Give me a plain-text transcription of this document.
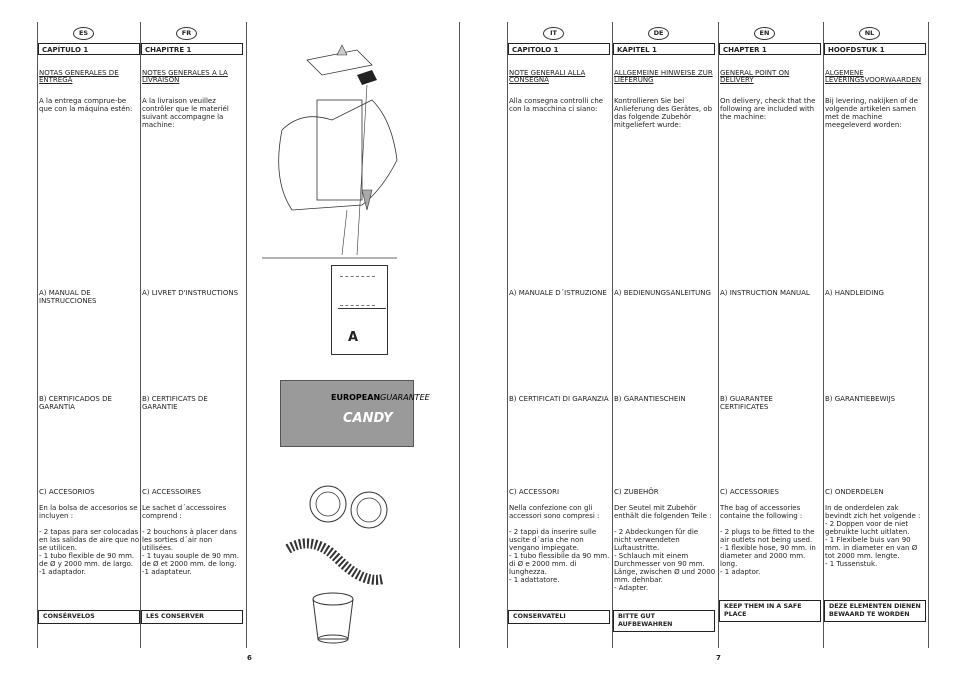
ES
CAPÍTULO 1
NOTAS GENERALES DE ENTREGA
A la entrega comprue-be que con la máquina estén:
A) MANUAL DE INSTRUCCIONES
B) CERTIFICADOS DE GARANTÍA
C) ACCESORIOS
En la bolsa de accesorios se incluyen :

- 2 tapas para ser colocadas en las salidas de aire que no se utilicen.
- 1 tubo flexible de 90 mm. de Ø y 2000 mm. de largo.
-1 adaptador.
CONSÉRVELOS
FR
CHAPITRE 1
NOTES GENERALES A LA LIVRAISON
A la livraison veuillez contrôler que le materiél suivant accompagne la machine:
A) LIVRET D'INSTRUCTIONS
B) CERTIFICATS DE GARANTIE
C) ACCESSOIRES
Le sachet d´accessoires comprend :

- 2 bouchons à placer dans les sorties d´air non utilisées.
- 1 tuyau souple de 90 mm. de Ø et 2000 mm. de long.
-1 adaptateur.
LES CONSERVER
IT
CAPITOLO 1
NOTE GENERALI ALLA CONSEGNA
Alla consegna controlli che con la macchina ci siano:
A) MANUALE D´ISTRUZIONE
B) CERTIFICATI DI GARANZIA
C) ACCESSORI
Nella confezione con gli accessori sono compresi :

- 2 tappi da inserire sulle uscite d´aria che non vengano impiegate.
- 1 tubo flessibile da 90 mm. di Ø e 2000 mm. di lunghezza.
- 1 adattatore.
CONSERVATELI
DE
KAPITEL 1
ALLGEMEINE HINWEISE ZUR LIEFERUNG
Kontrollieren Sie bei Anlieferung des Gerätes, ob das folgende Zubehör mitgeliefert wurde:
A) BEDIENUNGSANLEITUNG
B) GARANTIESCHEIN
C) ZUBEHÖR
Der Seutel mit Zubehör enthält die folgenden Teile :

- 2 Abdeckungen für die nicht verwendeten Luftaustritte.
- Schlauch mit einem Durchmesser von 90 mm. Länge, zwischen Ø und 2000 mm. dehnbar.
- Adapter.
BITTE GUT AUFBEWAHREN
EN
CHAPTER 1
GENERAL POINT ON DELIVERY
On delivery, check that the following are included with the machine:
A) INSTRUCTION MANUAL
B) GUARANTEE CERTIFICATES
C) ACCESSORIES
The bag of accessories containe the following :

- 2 plugs to be fitted to the air outlets not being used.
- 1 flexible hose, 90 mm. in diameter and 2000 mm. long.
- 1 adaptor.
KEEP THEM IN A SAFE PLACE
NL
HOOFDSTUK 1
ALGEMENE LEVERINGSVOORWAARDEN
Bij levering, nakijken of de volgende artikelen samen met de machine meegeleverd worden:
A) HANDLEIDING
B) GARANTIEBEWIJS
C) ONDERDELEN
In de onderdelen zak bevindt zich het volgende :
- 2 Doppen voor de niet gebruikte lucht uitlaten.
- 1 Flexibele buis van 90 mm. in diameter en van Ø tot 2000 mm. lengte.
- 1 Tussenstuk.
DEZE ELEMENTEN DIENEN BEWAARD TE WORDEN
A
EUROPEANGUARANTEE
CANDY
6	7
